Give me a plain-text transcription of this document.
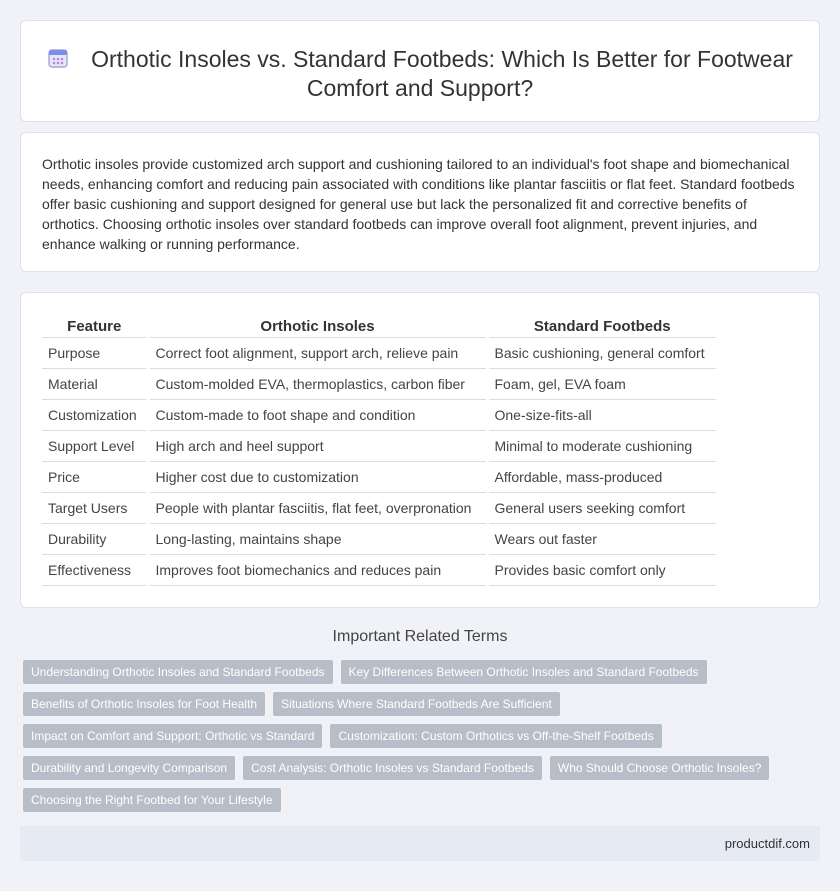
Orthotic Insoles vs. Standard Footbeds: Which Is Better for Footwear Comfort and Support?

Orthotic insoles provide customized arch support and cushioning tailored to an individual's foot shape and biomechanical needs, enhancing comfort and reducing pain associated with conditions like plantar fasciitis or flat feet. Standard footbeds offer basic cushioning and support designed for general use but lack the personalized fit and corrective benefits of orthotics. Choosing orthotic insoles over standard footbeds can improve overall foot alignment, prevent injuries, and enhance walking or running performance.

Feature	Orthotic Insoles	Standard Footbeds
Purpose	Correct foot alignment, support arch, relieve pain	Basic cushioning, general comfort
Material	Custom-molded EVA, thermoplastics, carbon fiber	Foam, gel, EVA foam
Customization	Custom-made to foot shape and condition	One-size-fits-all
Support Level	High arch and heel support	Minimal to moderate cushioning
Price	Higher cost due to customization	Affordable, mass-produced
Target Users	People with plantar fasciitis, flat feet, overpronation	General users seeking comfort
Durability	Long-lasting, maintains shape	Wears out faster
Effectiveness	Improves foot biomechanics and reduces pain	Provides basic comfort only
Important Related Terms
Understanding Orthotic Insoles and Standard Footbeds	Key Differences Between Orthotic Insoles and Standard Footbeds
Benefits of Orthotic Insoles for Foot Health	Situations Where Standard Footbeds Are Sufficient
Impact on Comfort and Support: Orthotic vs Standard	Customization: Custom Orthotics vs Off-the-Shelf Footbeds
Durability and Longevity Comparison	Cost Analysis: Orthotic Insoles vs Standard Footbeds	Who Should Choose Orthotic Insoles?
Choosing the Right Footbed for Your Lifestyle
productdif.com
